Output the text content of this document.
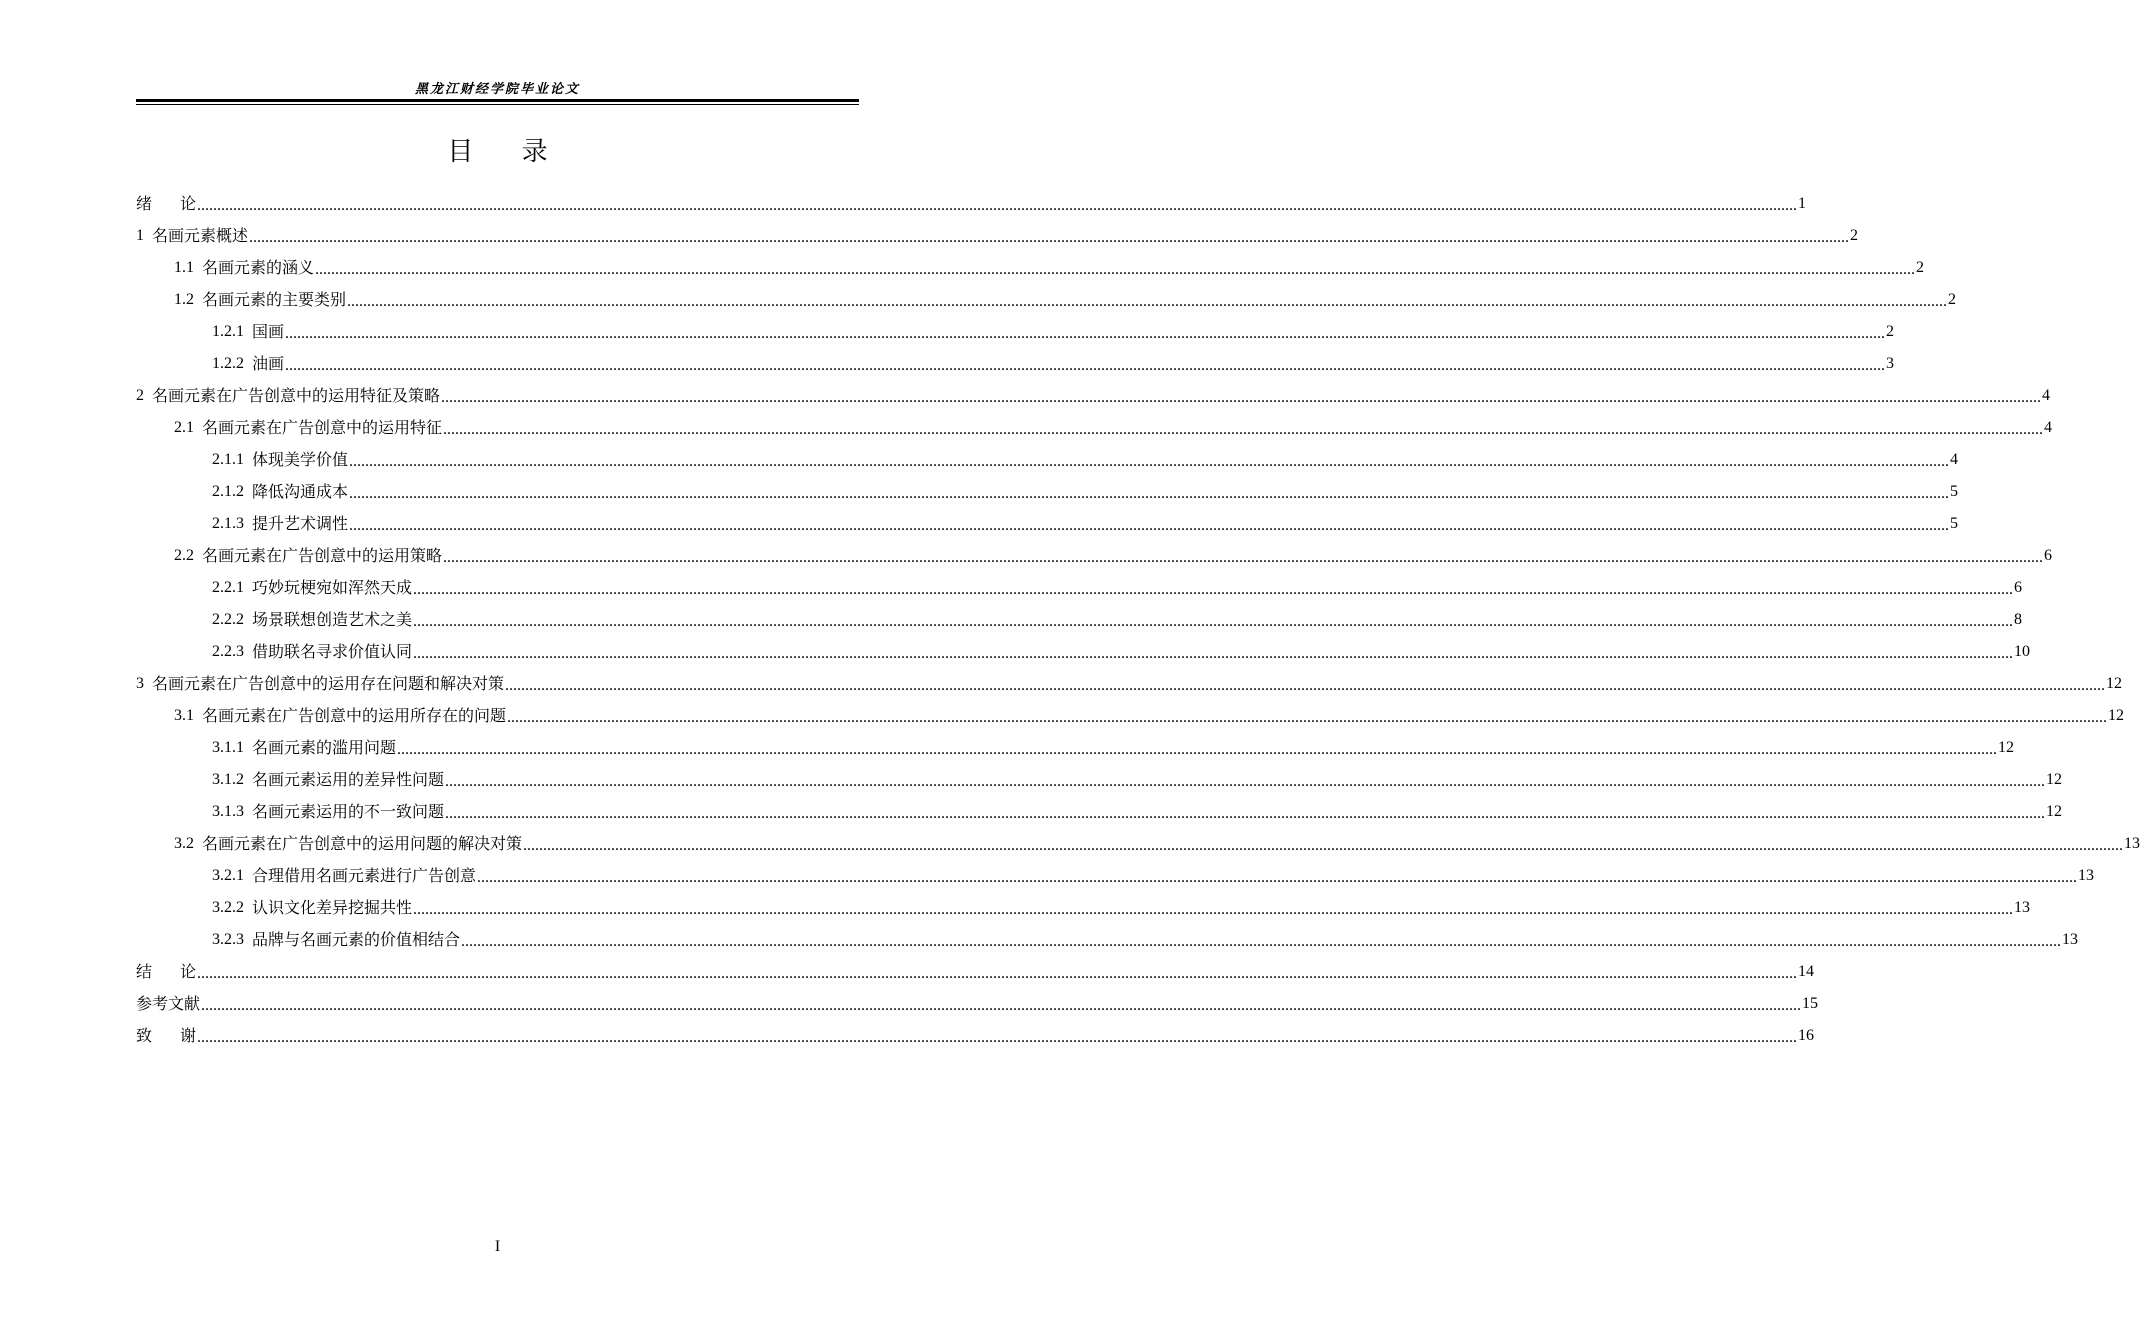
黑龙江财经学院毕业论文
目 录
绪论
................................................................................................................................................................................................................................................................................................................................................................................................................ 1
1 名画元素概述 ................................................................................................................................................................................................................................................................................................................................................................................................................ 2
1.1 名画元素的涵义 ................................................................................................................................................................................................................................................................................................................................................................................................................ 2
1.2 名画元素的主要类别 ................................................................................................................................................................................................................................................................................................................................................................................................................ 2
1.2.1 国画 ................................................................................................................................................................................................................................................................................................................................................................................................................ 2
1.2.2 油画 ................................................................................................................................................................................................................................................................................................................................................................................................................ 3
2 名画元素在广告创意中的运用特征及策略 ................................................................................................................................................................................................................................................................................................................................................................................................................ 4
2.1 名画元素在广告创意中的运用特征 ................................................................................................................................................................................................................................................................................................................................................................................................................ 4
2.1.1 体现美学价值 ................................................................................................................................................................................................................................................................................................................................................................................................................ 4
2.1.2 降低沟通成本 ................................................................................................................................................................................................................................................................................................................................................................................................................ 5
2.1.3 提升艺术调性 ................................................................................................................................................................................................................................................................................................................................................................................................................ 5
2.2 名画元素在广告创意中的运用策略 ................................................................................................................................................................................................................................................................................................................................................................................................................ 6
2.2.1 巧妙玩梗宛如浑然天成 ................................................................................................................................................................................................................................................................................................................................................................................................................ 6
2.2.2 场景联想创造艺术之美 ................................................................................................................................................................................................................................................................................................................................................................................................................ 8
2.2.3 借助联名寻求价值认同 ................................................................................................................................................................................................................................................................................................................................................................................................................ 10
3 名画元素在广告创意中的运用存在问题和解决对策 ................................................................................................................................................................................................................................................................................................................................................................................................................ 12
3.1 名画元素在广告创意中的运用所存在的问题 ................................................................................................................................................................................................................................................................................................................................................................................................................ 12
3.1.1 名画元素的滥用问题 ................................................................................................................................................................................................................................................................................................................................................................................................................ 12
3.1.2 名画元素运用的差异性问题 ................................................................................................................................................................................................................................................................................................................................................................................................................ 12
3.1.3 名画元素运用的不一致问题 ................................................................................................................................................................................................................................................................................................................................................................................................................ 12
3.2 名画元素在广告创意中的运用问题的解决对策 ................................................................................................................................................................................................................................................................................................................................................................................................................ 13
3.2.1 合理借用名画元素进行广告创意 ................................................................................................................................................................................................................................................................................................................................................................................................................ 13
3.2.2 认识文化差异挖掘共性 ................................................................................................................................................................................................................................................................................................................................................................................................................ 13
3.2.3 品牌与名画元素的价值相结合 ................................................................................................................................................................................................................................................................................................................................................................................................................ 13
结论
................................................................................................................................................................................................................................................................................................................................................................................................................ 14
参考文献 ................................................................................................................................................................................................................................................................................................................................................................................................................ 15
致谢
................................................................................................................................................................................................................................................................................................................................................................................................................ 16
I
